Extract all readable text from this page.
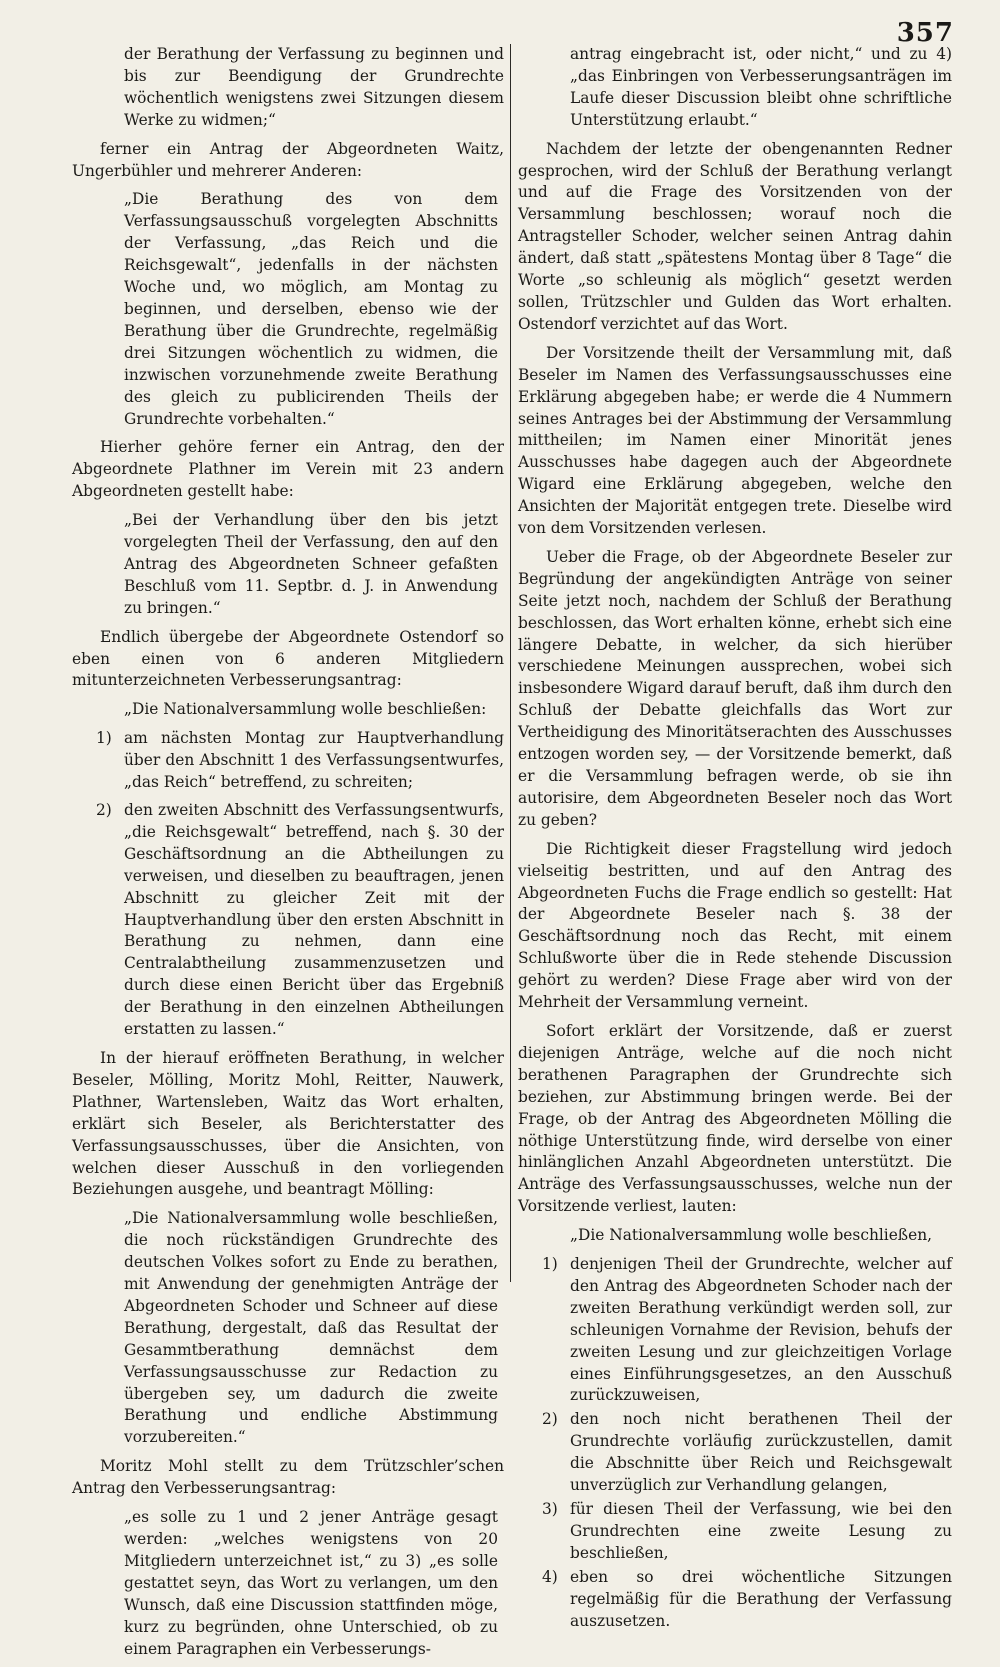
357

der Berathung der Verfassung zu beginnen und bis zur Beendigung der Grundrechte wöchentlich wenigstens zwei Sitzungen diesem Werke zu widmen;“

ferner ein Antrag der Abgeordneten Waitz, Ungerbühler und mehrerer Anderen:

„Die Berathung des von dem Verfassungsausschuß vorgelegten Abschnitts der Verfassung, „das Reich und die Reichsgewalt“, jedenfalls in der nächsten Woche und, wo möglich, am Montag zu beginnen, und derselben, ebenso wie der Berathung über die Grundrechte, regelmäßig drei Sitzungen wöchentlich zu widmen, die inzwischen vorzunehmende zweite Berathung des gleich zu publicirenden Theils der Grundrechte vorbehalten.“

Hierher gehöre ferner ein Antrag, den der Abgeordnete Plathner im Verein mit 23 andern Abgeordneten gestellt habe:

„Bei der Verhandlung über den bis jetzt vorgelegten Theil der Verfassung, den auf den Antrag des Abgeordneten Schneer gefaßten Beschluß vom 11. Septbr. d. J. in Anwendung zu bringen.“

Endlich übergebe der Abgeordnete Ostendorf so eben einen von 6 anderen Mitgliedern mitunterzeichneten Verbesserungsantrag:

„Die Nationalversammlung wolle beschließen:

1) am nächsten Montag zur Hauptverhandlung über den Abschnitt 1 des Verfassungsentwurfes, „das Reich“ betreffend, zu schreiten;
2) den zweiten Abschnitt des Verfassungsentwurfs, „die Reichsgewalt“ betreffend, nach §. 30 der Geschäftsordnung an die Abtheilungen zu verweisen, und dieselben zu beauftragen, jenen Abschnitt zu gleicher Zeit mit der Hauptverhandlung über den ersten Abschnitt in Berathung zu nehmen, dann eine Centralabtheilung zusammenzusetzen und durch diese einen Bericht über das Ergebniß der Berathung in den einzelnen Abtheilungen erstatten zu lassen.“

In der hierauf eröffneten Berathung, in welcher Beseler, Mölling, Moritz Mohl, Reitter, Nauwerk, Plathner, Wartensleben, Waitz das Wort erhalten, erklärt sich Beseler, als Berichterstatter des Verfassungsausschusses, über die Ansichten, von welchen dieser Ausschuß in den vorliegenden Beziehungen ausgehe, und beantragt Mölling:

„Die Nationalversammlung wolle beschließen, die noch rückständigen Grundrechte des deutschen Volkes sofort zu Ende zu berathen, mit Anwendung der genehmigten Anträge der Abgeordneten Schoder und Schneer auf diese Berathung, dergestalt, daß das Resultat der Gesammtberathung demnächst dem Verfassungsausschusse zur Redaction zu übergeben sey, um dadurch die zweite Berathung und endliche Abstimmung vorzubereiten.“

Moritz Mohl stellt zu dem Trützschler’schen Antrag den Verbesserungsantrag:

„es solle zu 1 und 2 jener Anträge gesagt werden: „welches wenigstens von 20 Mitgliedern unterzeichnet ist,“ zu 3) „es solle gestattet seyn, das Wort zu verlangen, um den Wunsch, daß eine Discussion stattfinden möge, kurz zu begründen, ohne Unterschied, ob zu einem Paragraphen ein Verbesserungs-

antrag eingebracht ist, oder nicht,“ und zu 4) „das Einbringen von Verbesserungsanträgen im Laufe dieser Discussion bleibt ohne schriftliche Unterstützung erlaubt.“

Nachdem der letzte der obengenannten Redner gesprochen, wird der Schluß der Berathung verlangt und auf die Frage des Vorsitzenden von der Versammlung beschlossen; worauf noch die Antragsteller Schoder, welcher seinen Antrag dahin ändert, daß statt „spätestens Montag über 8 Tage“ die Worte „so schleunig als möglich“ gesetzt werden sollen, Trützschler und Gulden das Wort erhalten. Ostendorf verzichtet auf das Wort.

Der Vorsitzende theilt der Versammlung mit, daß Beseler im Namen des Verfassungsausschusses eine Erklärung abgegeben habe; er werde die 4 Nummern seines Antrages bei der Abstimmung der Versammlung mittheilen; im Namen einer Minorität jenes Ausschusses habe dagegen auch der Abgeordnete Wigard eine Erklärung abgegeben, welche den Ansichten der Majorität entgegen trete. Dieselbe wird von dem Vorsitzenden verlesen.

Ueber die Frage, ob der Abgeordnete Beseler zur Begründung der angekündigten Anträge von seiner Seite jetzt noch, nachdem der Schluß der Berathung beschlossen, das Wort erhalten könne, erhebt sich eine längere Debatte, in welcher, da sich hierüber verschiedene Meinungen aussprechen, wobei sich insbesondere Wigard darauf beruft, daß ihm durch den Schluß der Debatte gleichfalls das Wort zur Vertheidigung des Minoritätserachten des Ausschusses entzogen worden sey, — der Vorsitzende bemerkt, daß er die Versammlung befragen werde, ob sie ihn autorisire, dem Abgeordneten Beseler noch das Wort zu geben?

Die Richtigkeit dieser Fragstellung wird jedoch vielseitig bestritten, und auf den Antrag des Abgeordneten Fuchs die Frage endlich so gestellt: Hat der Abgeordnete Beseler nach §. 38 der Geschäftsordnung noch das Recht, mit einem Schlußworte über die in Rede stehende Discussion gehört zu werden? Diese Frage aber wird von der Mehrheit der Versammlung verneint.

Sofort erklärt der Vorsitzende, daß er zuerst diejenigen Anträge, welche auf die noch nicht berathenen Paragraphen der Grundrechte sich beziehen, zur Abstimmung bringen werde. Bei der Frage, ob der Antrag des Abgeordneten Mölling die nöthige Unterstützung finde, wird derselbe von einer hinlänglichen Anzahl Abgeordneten unterstützt. Die Anträge des Verfassungsausschusses, welche nun der Vorsitzende verliest, lauten:

„Die Nationalversammlung wolle beschließen,

1) denjenigen Theil der Grundrechte, welcher auf den Antrag des Abgeordneten Schoder nach der zweiten Berathung verkündigt werden soll, zur schleunigen Vornahme der Revision, behufs der zweiten Lesung und zur gleichzeitigen Vorlage eines Einführungsgesetzes, an den Ausschuß zurückzuweisen,
2) den noch nicht berathenen Theil der Grundrechte vorläufig zurückzustellen, damit die Abschnitte über Reich und Reichsgewalt unverzüglich zur Verhandlung gelangen,
3) für diesen Theil der Verfassung, wie bei den Grundrechten eine zweite Lesung zu beschließen,
4) eben so drei wöchentliche Sitzungen regelmäßig für die Berathung der Verfassung auszusetzen.
